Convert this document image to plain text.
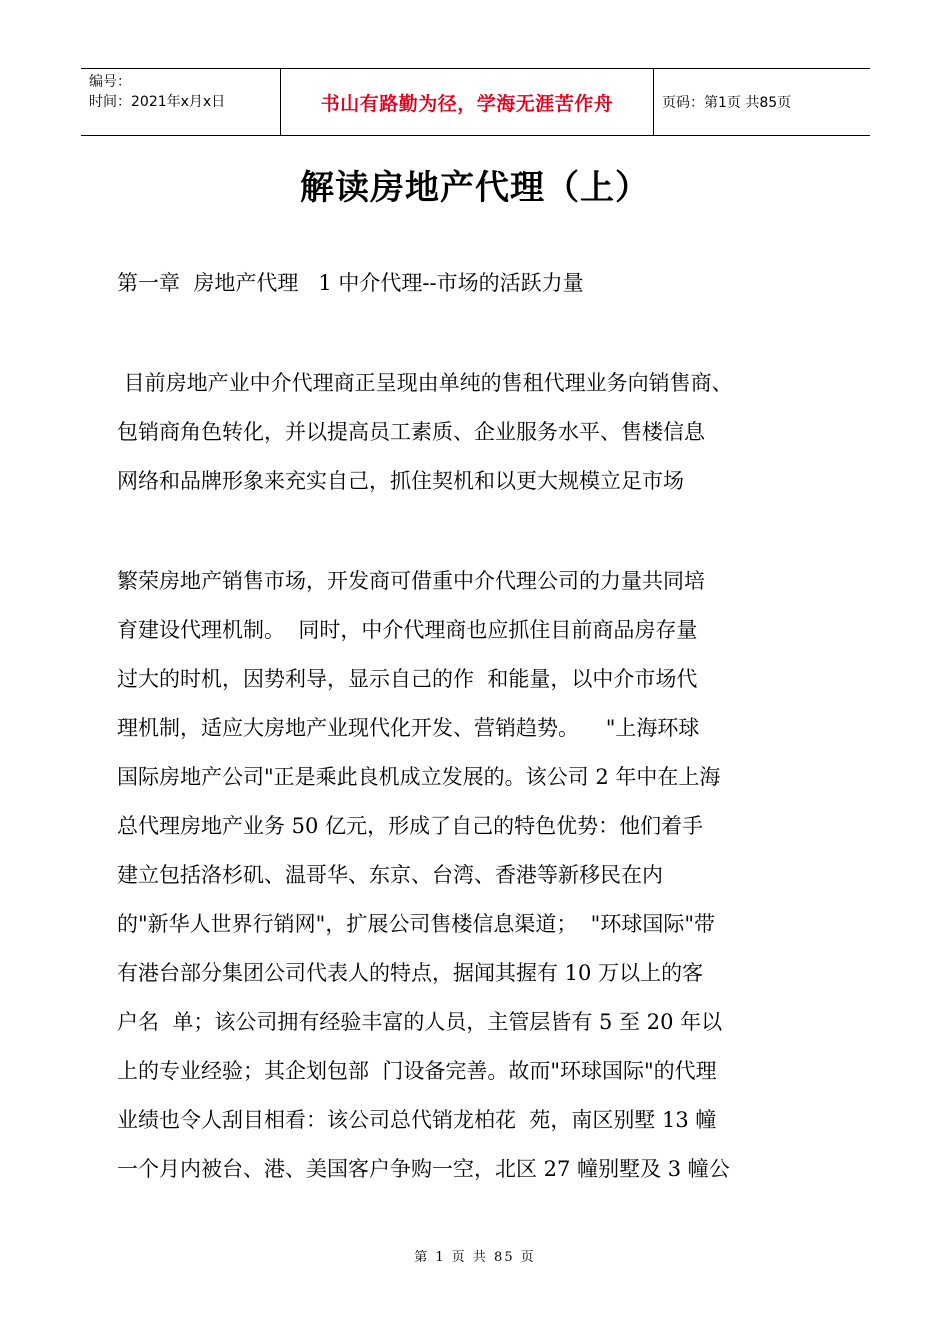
编号：
时间：2021年x月x日	书山有路勤为径，学海无涯苦作舟	页码：第1页 共85页
解读房地产代理（上）
第一章  房地产代理   1 中介代理--市场的活跃力量
目前房地产业中介代理商正呈现由单纯的售租代理业务向销售商、
包销商角色转化，并以提高员工素质、企业服务水平、售楼信息
网络和品牌形象来充实自己，抓住契机和以更大规模立足市场
繁荣房地产销售市场，开发商可借重中介代理公司的力量共同培
育建设代理机制。  同时，中介代理商也应抓住目前商品房存量
过大的时机，因势利导，显示自己的作  和能量，以中介市场代
理机制，适应大房地产业现代化开发、营销趋势。    "上海环球
国际房地产公司"正是乘此良机成立发展的。该公司 2 年中在上海
总代理房地产业务 50 亿元，形成了自己的特色优势：他们着手
建立包括洛杉矶、温哥华、东京、台湾、香港等新移民在内
的"新华人世界行销网"，扩展公司售楼信息渠道；  "环球国际"带
有港台部分集团公司代表人的特点，据闻其握有 10 万以上的客
户名  单；该公司拥有经验丰富的人员，主管层皆有 5 至 20 年以
上的专业经验；其企划包部  门设备完善。故而"环球国际"的代理
业绩也令人刮目相看：该公司总代销龙柏花  苑，南区别墅 13 幢
一个月内被台、港、美国客户争购一空，北区 27 幢别墅及 3 幢公
第 1 页 共 85 页
